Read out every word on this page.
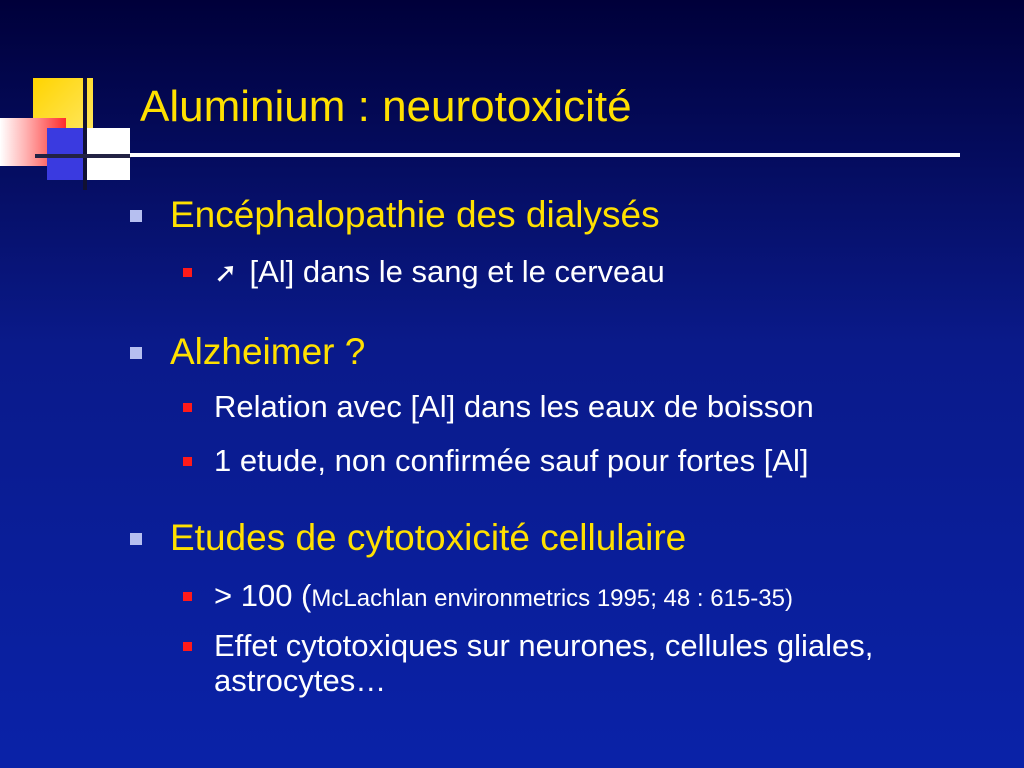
Aluminium : neurotoxicité
Encéphalopathie des dialysés
➚ [Al] dans le sang et le cerveau
Alzheimer ?
Relation avec [Al] dans les eaux de boisson
1 etude, non confirmée sauf pour fortes [Al]
Etudes de cytotoxicité cellulaire
> 100 (McLachlan environmetrics 1995; 48 : 615-35)
Effet cytotoxiques sur neurones, cellules gliales,
astrocytes…
